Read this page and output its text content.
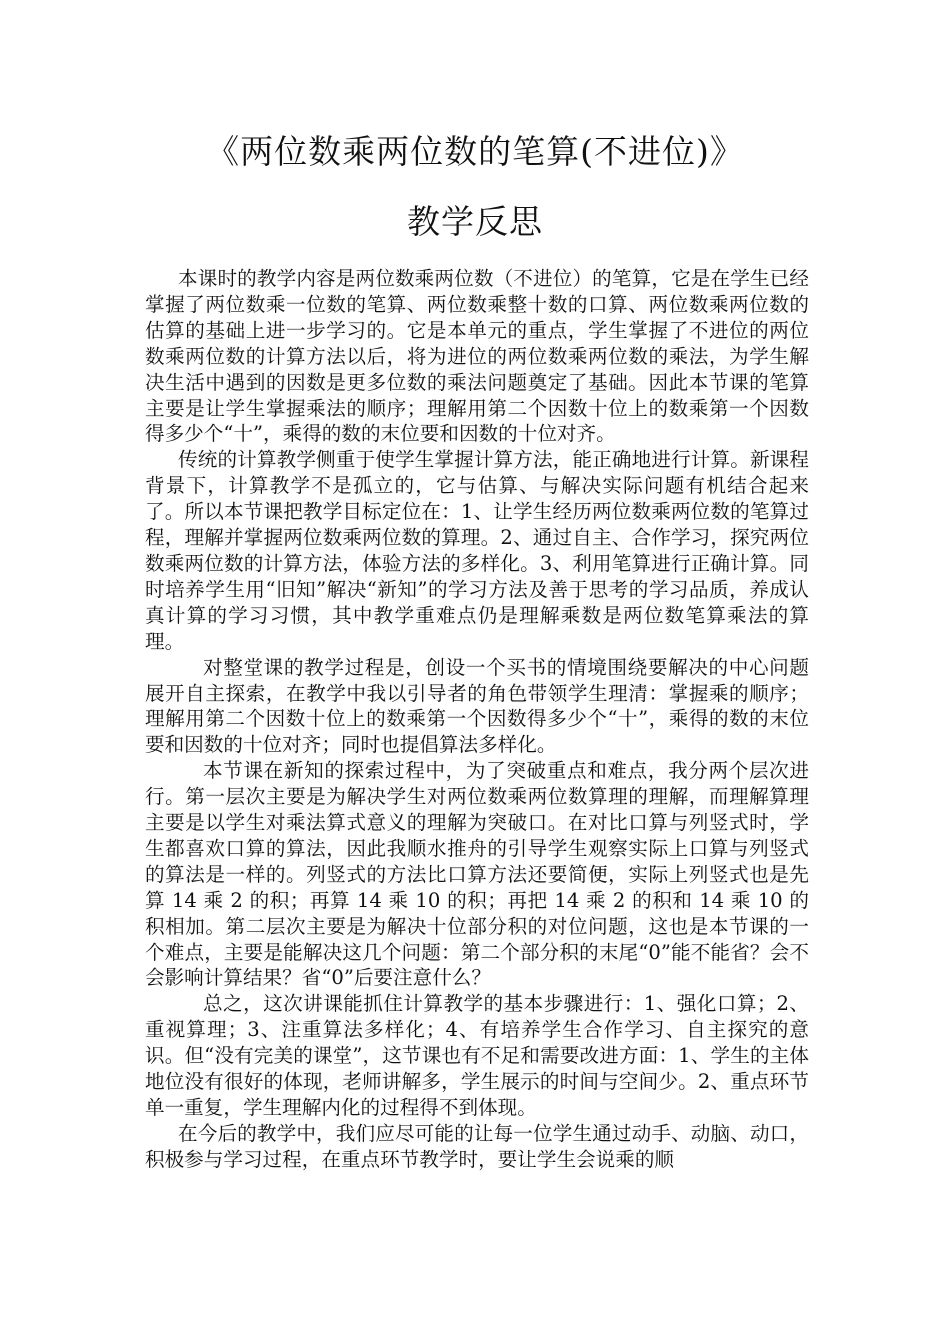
《两位数乘两位数的笔算(不进位)》
教学反思

本课时的教学内容是两位数乘两位数（不进位）的笔算，它是在学生已经掌握了两位数乘一位数的笔算、两位数乘整十数的口算、两位数乘两位数的估算的基础上进一步学习的。它是本单元的重点，学生掌握了不进位的两位数乘两位数的计算方法以后，将为进位的两位数乘两位数的乘法，为学生解决生活中遇到的因数是更多位数的乘法问题奠定了基础。因此本节课的笔算主要是让学生掌握乘法的顺序；理解用第二个因数十位上的数乘第一个因数得多少个“十”，乘得的数的末位要和因数的十位对齐。

传统的计算教学侧重于使学生掌握计算方法，能正确地进行计算。新课程背景下，计算教学不是孤立的，它与估算、与解决实际问题有机结合起来了。所以本节课把教学目标定位在：1、让学生经历两位数乘两位数的笔算过程，理解并掌握两位数乘两位数的算理。2、通过自主、合作学习，探究两位数乘两位数的计算方法，体验方法的多样化。3、利用笔算进行正确计算。同时培养学生用“旧知”解决“新知”的学习方法及善于思考的学习品质，养成认真计算的学习习惯，其中教学重难点仍是理解乘数是两位数笔算乘法的算理。

对整堂课的教学过程是，创设一个买书的情境围绕要解决的中心问题展开自主探索，在教学中我以引导者的角色带领学生理清：掌握乘的顺序；理解用第二个因数十位上的数乘第一个因数得多少个“十”，乘得的数的末位要和因数的十位对齐；同时也提倡算法多样化。

本节课在新知的探索过程中，为了突破重点和难点，我分两个层次进行。第一层次主要是为解决学生对两位数乘两位数算理的理解，而理解算理主要是以学生对乘法算式意义的理解为突破口。在对比口算与列竖式时，学生都喜欢口算的算法，因此我顺水推舟的引导学生观察实际上口算与列竖式的算法是一样的。列竖式的方法比口算方法还要简便，实际上列竖式也是先算 14 乘 2 的积；再算 14 乘 10 的积；再把 14 乘 2 的积和 14 乘 10 的积相加。第二层次主要是为解决十位部分积的对位问题，这也是本节课的一个难点，主要是能解决这几个问题：第二个部分积的末尾“0”能不能省？会不会影响计算结果？省“0”后要注意什么？

总之，这次讲课能抓住计算教学的基本步骤进行：1、强化口算；2、重视算理；3、注重算法多样化；4、有培养学生合作学习、自主探究的意识。但“没有完美的课堂”，这节课也有不足和需要改进方面：1、学生的主体地位没有很好的体现，老师讲解多，学生展示的时间与空间少。2、重点环节单一重复，学生理解内化的过程得不到体现。

在今后的教学中，我们应尽可能的让每一位学生通过动手、动脑、动口，积极参与学习过程，在重点环节教学时，要让学生会说乘的顺
